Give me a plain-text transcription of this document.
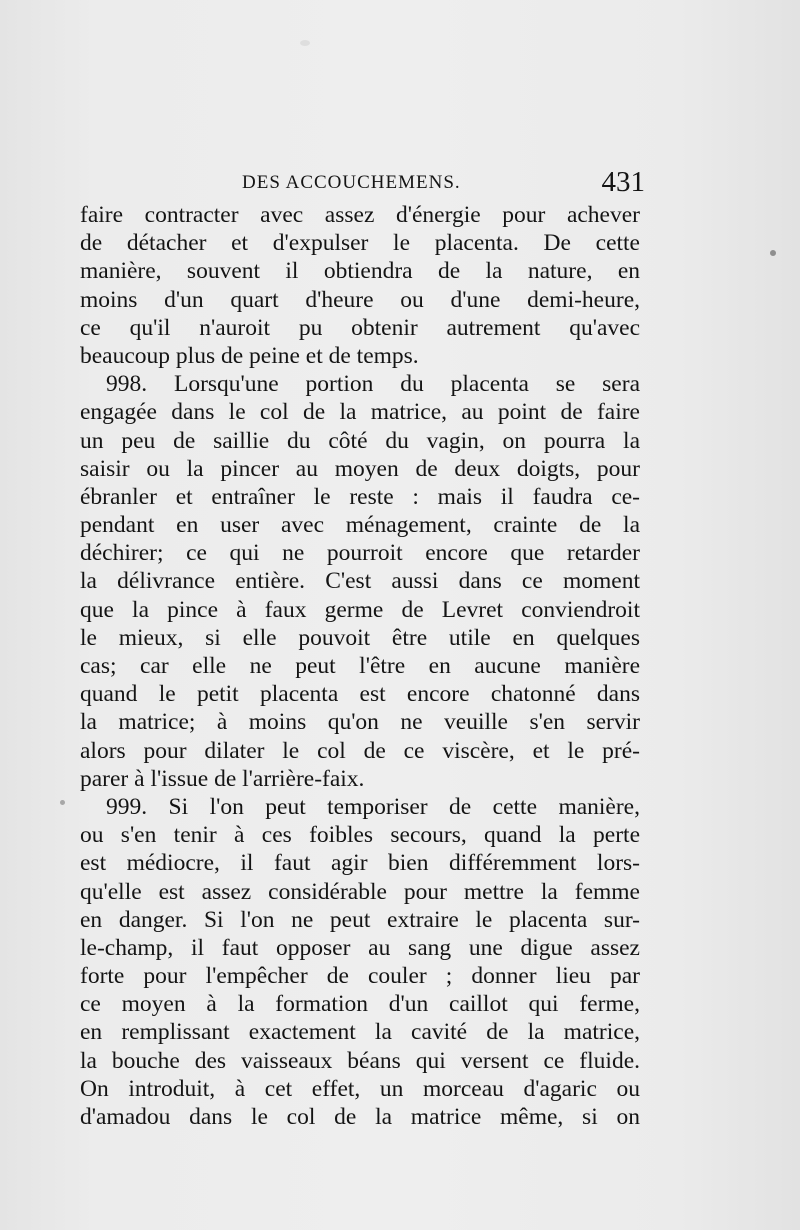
DES ACCOUCHEMENS.	431
faire contracter avec assez d'énergie pour achever
de détacher et d'expulser le placenta. De cette
manière, souvent il obtiendra de la nature, en
moins d'un quart d'heure ou d'une demi-heure,
ce qu'il n'auroit pu obtenir autrement qu'avec
beaucoup plus de peine et de temps.
998. Lorsqu'une portion du placenta se sera
engagée dans le col de la matrice, au point de faire
un peu de saillie du côté du vagin, on pourra la
saisir ou la pincer au moyen de deux doigts, pour
ébranler et entraîner le reste : mais il faudra ce-
pendant en user avec ménagement, crainte de la
déchirer; ce qui ne pourroit encore que retarder
la délivrance entière. C'est aussi dans ce moment
que la pince à faux germe de Levret conviendroit
le mieux, si elle pouvoit être utile en quelques
cas; car elle ne peut l'être en aucune manière
quand le petit placenta est encore chatonné dans
la matrice; à moins qu'on ne veuille s'en servir
alors pour dilater le col de ce viscère, et le pré-
parer à l'issue de l'arrière-faix.
999. Si l'on peut temporiser de cette manière,
ou s'en tenir à ces foibles secours, quand la perte
est médiocre, il faut agir bien différemment lors-
qu'elle est assez considérable pour mettre la femme
en danger. Si l'on ne peut extraire le placenta sur-
le-champ, il faut opposer au sang une digue assez
forte pour l'empêcher de couler ; donner lieu par
ce moyen à la formation d'un caillot qui ferme,
en remplissant exactement la cavité de la matrice,
la bouche des vaisseaux béans qui versent ce fluide.
On introduit, à cet effet, un morceau d'agaric ou
d'amadou dans le col de la matrice même, si on
